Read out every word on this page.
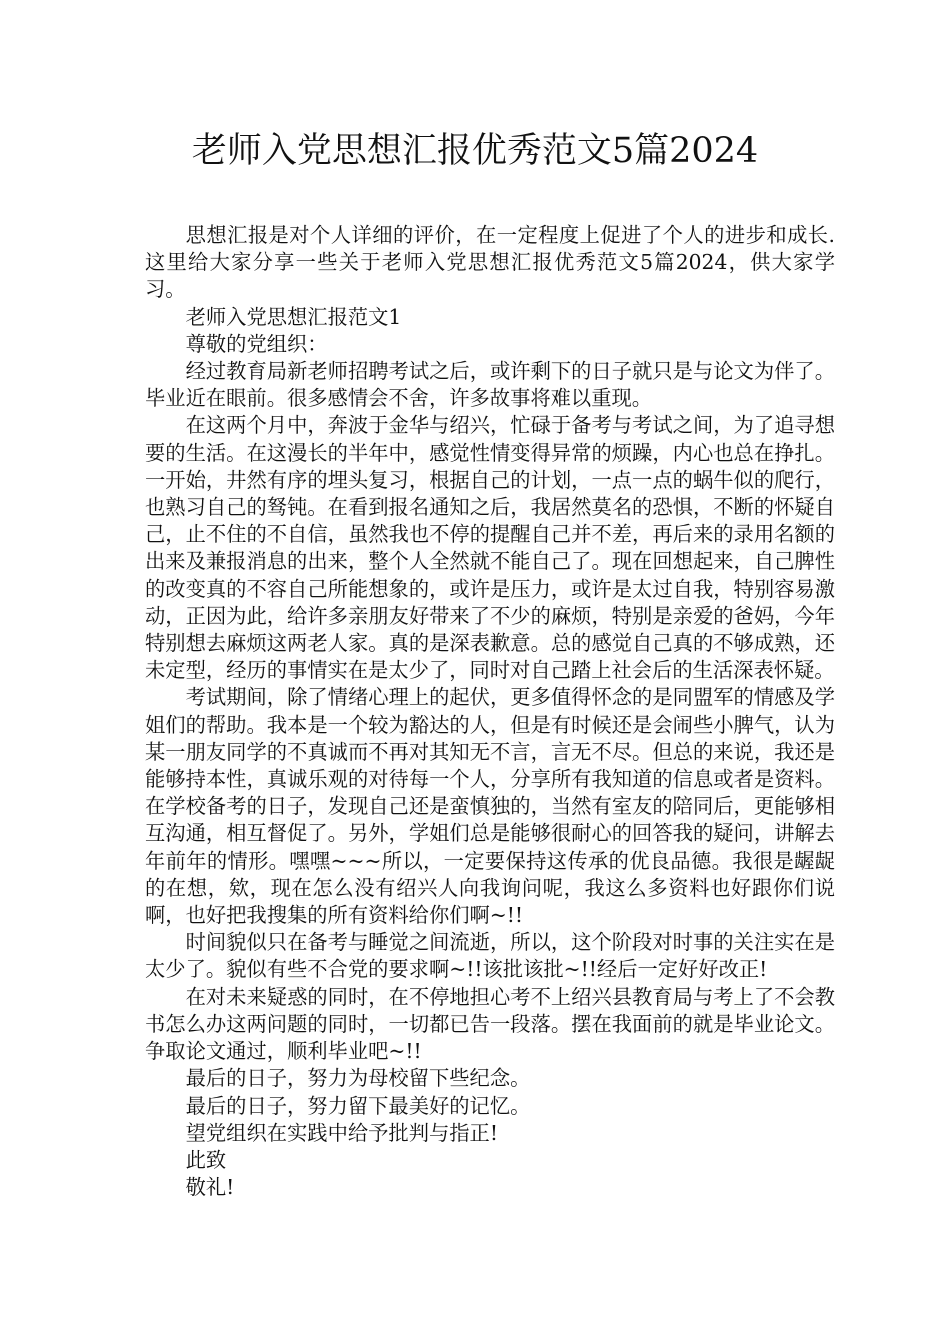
老师入党思想汇报优秀范文5篇2024

思想汇报是对个人详细的评价，在一定程度上促进了个人的进步和成长.这里给大家分享一些关于老师入党思想汇报优秀范文5篇2024，供大家学习。

老师入党思想汇报范文1

尊敬的党组织：

经过教育局新老师招聘考试之后，或许剩下的日子就只是与论文为伴了。毕业近在眼前。很多感情会不舍，许多故事将难以重现。

在这两个月中，奔波于金华与绍兴，忙碌于备考与考试之间，为了追寻想要的生活。在这漫长的半年中，感觉性情变得异常的烦躁，内心也总在挣扎。一开始，井然有序的埋头复习，根据自己的计划，一点一点的蜗牛似的爬行，也熟习自己的驽钝。在看到报名通知之后，我居然莫名的恐惧，不断的怀疑自己，止不住的不自信，虽然我也不停的提醒自己并不差，再后来的录用名额的出来及兼报消息的出来，整个人全然就不能自己了。现在回想起来，自己脾性的改变真的不容自己所能想象的，或许是压力，或许是太过自我，特别容易激动，正因为此，给许多亲朋友好带来了不少的麻烦，特别是亲爱的爸妈，今年特别想去麻烦这两老人家。真的是深表歉意。总的感觉自己真的不够成熟，还未定型，经历的事情实在是太少了，同时对自己踏上社会后的生活深表怀疑。

考试期间，除了情绪心理上的起伏，更多值得怀念的是同盟军的情感及学姐们的帮助。我本是一个较为豁达的人，但是有时候还是会闹些小脾气，认为某一朋友同学的不真诚而不再对其知无不言，言无不尽。但总的来说，我还是能够持本性，真诚乐观的对待每一个人，分享所有我知道的信息或者是资料。在学校备考的日子，发现自己还是蛮慎独的，当然有室友的陪同后，更能够相互沟通，相互督促了。另外，学姐们总是能够很耐心的回答我的疑问，讲解去年前年的情形。嘿嘿~~~所以，一定要保持这传承的优良品德。我很是龌龊的在想，欸，现在怎么没有绍兴人向我询问呢，我这么多资料也好跟你们说啊，也好把我搜集的所有资料给你们啊~!!

时间貌似只在备考与睡觉之间流逝，所以，这个阶段对时事的关注实在是太少了。貌似有些不合党的要求啊~!!该批该批~!!经后一定好好改正!

在对未来疑惑的同时，在不停地担心考不上绍兴县教育局与考上了不会教书怎么办这两问题的同时，一切都已告一段落。摆在我面前的就是毕业论文。争取论文通过，顺利毕业吧~!!

最后的日子，努力为母校留下些纪念。

最后的日子，努力留下最美好的记忆。

望党组织在实践中给予批判与指正!

此致

敬礼!
